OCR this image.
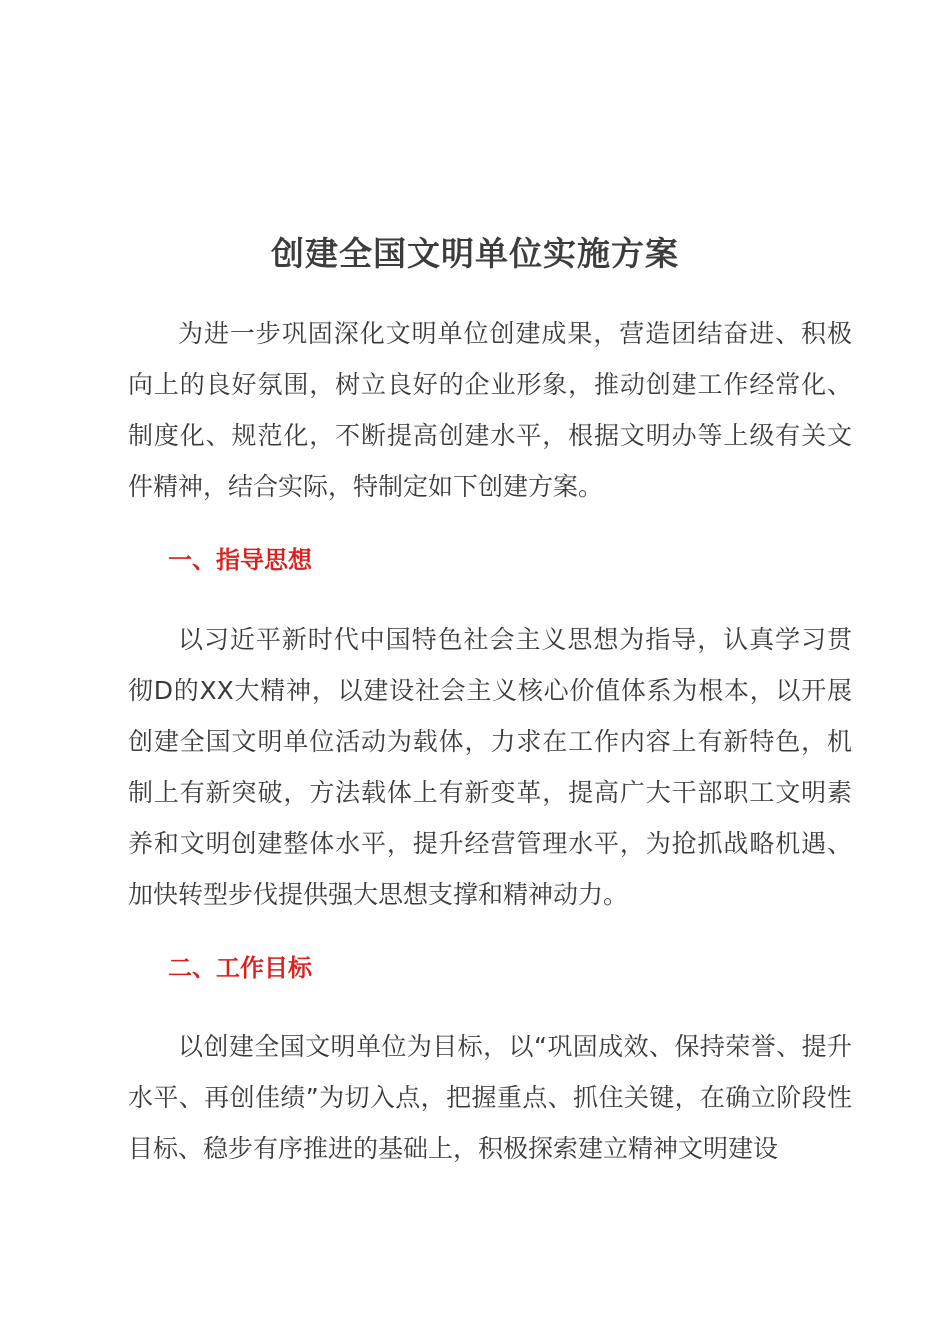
创建全国文明单位实施方案

为进一步巩固深化文明单位创建成果，营造团结奋进、积极向上的良好氛围，树立良好的企业形象，推动创建工作经常化、制度化、规范化，不断提高创建水平，根据文明办等上级有关文件精神，结合实际，特制定如下创建方案。

一、指导思想

以习近平新时代中国特色社会主义思想为指导，认真学习贯彻D的XX大精神，以建设社会主义核心价值体系为根本，以开展创建全国文明单位活动为载体，力求在工作内容上有新特色，机制上有新突破，方法载体上有新变革，提高广大干部职工文明素养和文明创建整体水平，提升经营管理水平，为抢抓战略机遇、加快转型步伐提供强大思想支撑和精神动力。

二、工作目标

以创建全国文明单位为目标，以“巩固成效、保持荣誉、提升水平、再创佳绩”为切入点，把握重点、抓住关键，在确立阶段性目标、稳步有序推进的基础上，积极探索建立精神文明建设
